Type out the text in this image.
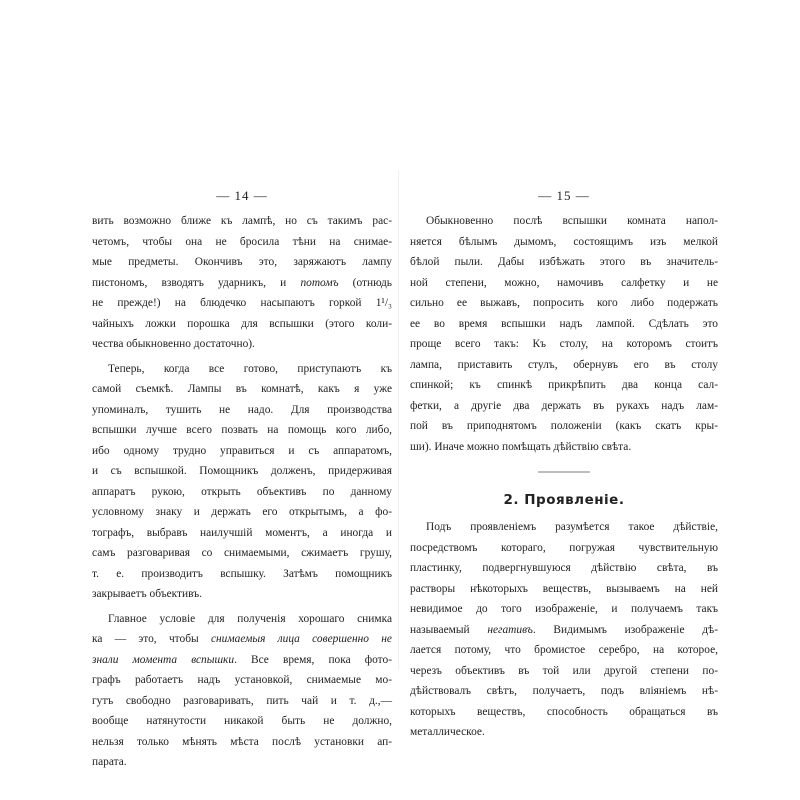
— 14 —
вить возможно ближе къ лампѣ, но съ такимъ рас-
четомъ, чтобы она не бросила тѣни на снимае-
мые предметы. Окончивъ это, заряжаютъ лампу
пистономъ, взводятъ ударникъ, и потомъ (отнюдь
не прежде!) на блюдечко насыпаютъ горкой 1¹/₃
чайныхъ ложки порошка для вспышки (этого коли-
чества обыкновенно достаточно).
Теперь, когда все готово, приступаютъ къ
самой съемкѣ. Лампы въ комнатѣ, какъ я уже
упоминалъ, тушить не надо. Для производства
вспышки лучше всего позвать на помощь кого либо,
ибо одному трудно управиться и съ аппаратомъ,
и съ вспышкой. Помощникъ долженъ, придерживая
аппаратъ рукою, открыть объективъ по данному
условному знаку и держать его открытымъ, а фо-
тографъ, выбравъ наилучшій моментъ, а иногда и
самъ разговаривая со снимаемыми, сжимаетъ грушу,
т. е. производитъ вспышку. Затѣмъ помощникъ
закрываетъ объективъ.
Главное условіе для полученія хорошаго снимка
ка — это, чтобы снимаемыя лица совершенно не
знали момента вспышки. Все время, пока фото-
графъ работаетъ надъ установкой, снимаемые мо-
гутъ свободно разговаривать, пить чай и т. д.,—
вообще натянутости никакой быть не должно,
нельзя только мѣнять мѣста послѣ установки ап-
парата.
— 15 —
Обыкновенно послѣ вспышки комната напол-
няется бѣлымъ дымомъ, состоящимъ изъ мелкой
бѣлой пыли. Дабы избѣжать этого въ значитель-
ной степени, можно, намочивъ салфетку и не
сильно ее выжавъ, попросить кого либо подержать
ее во время вспышки надъ лампой. Сдѣлать это
проще всего такъ: Къ столу, на которомъ стоитъ
лампа, приставить стулъ, обернувъ его въ столу
спинкой; къ спинкѣ прикрѣпить два конца сал-
фетки, а другіе два держать въ рукахъ надъ лам-
пой въ приподнятомъ положеніи (какъ скатъ кры-
ши). Иначе можно помѣщать дѣйствію свѣта.
2. Проявленіе.
Подъ проявленіемъ разумѣется такое дѣйствіе,
посредствомъ котораго, погружая чувствительную
пластинку, подвергнувшуюся дѣйствію свѣта, въ
растворы нѣкоторыхъ веществъ, вызываемъ на ней
невидимое до того изображеніе, и получаемъ такъ
называемый негативъ. Видимымъ изображеніе дѣ-
лается потому, что бромистое серебро, на которое,
черезъ объективъ въ той или другой степени по-
дѣйствовалъ свѣтъ, получаетъ, подъ вліяніемъ нѣ-
которыхъ веществъ, способность обращаться въ
металлическое.
